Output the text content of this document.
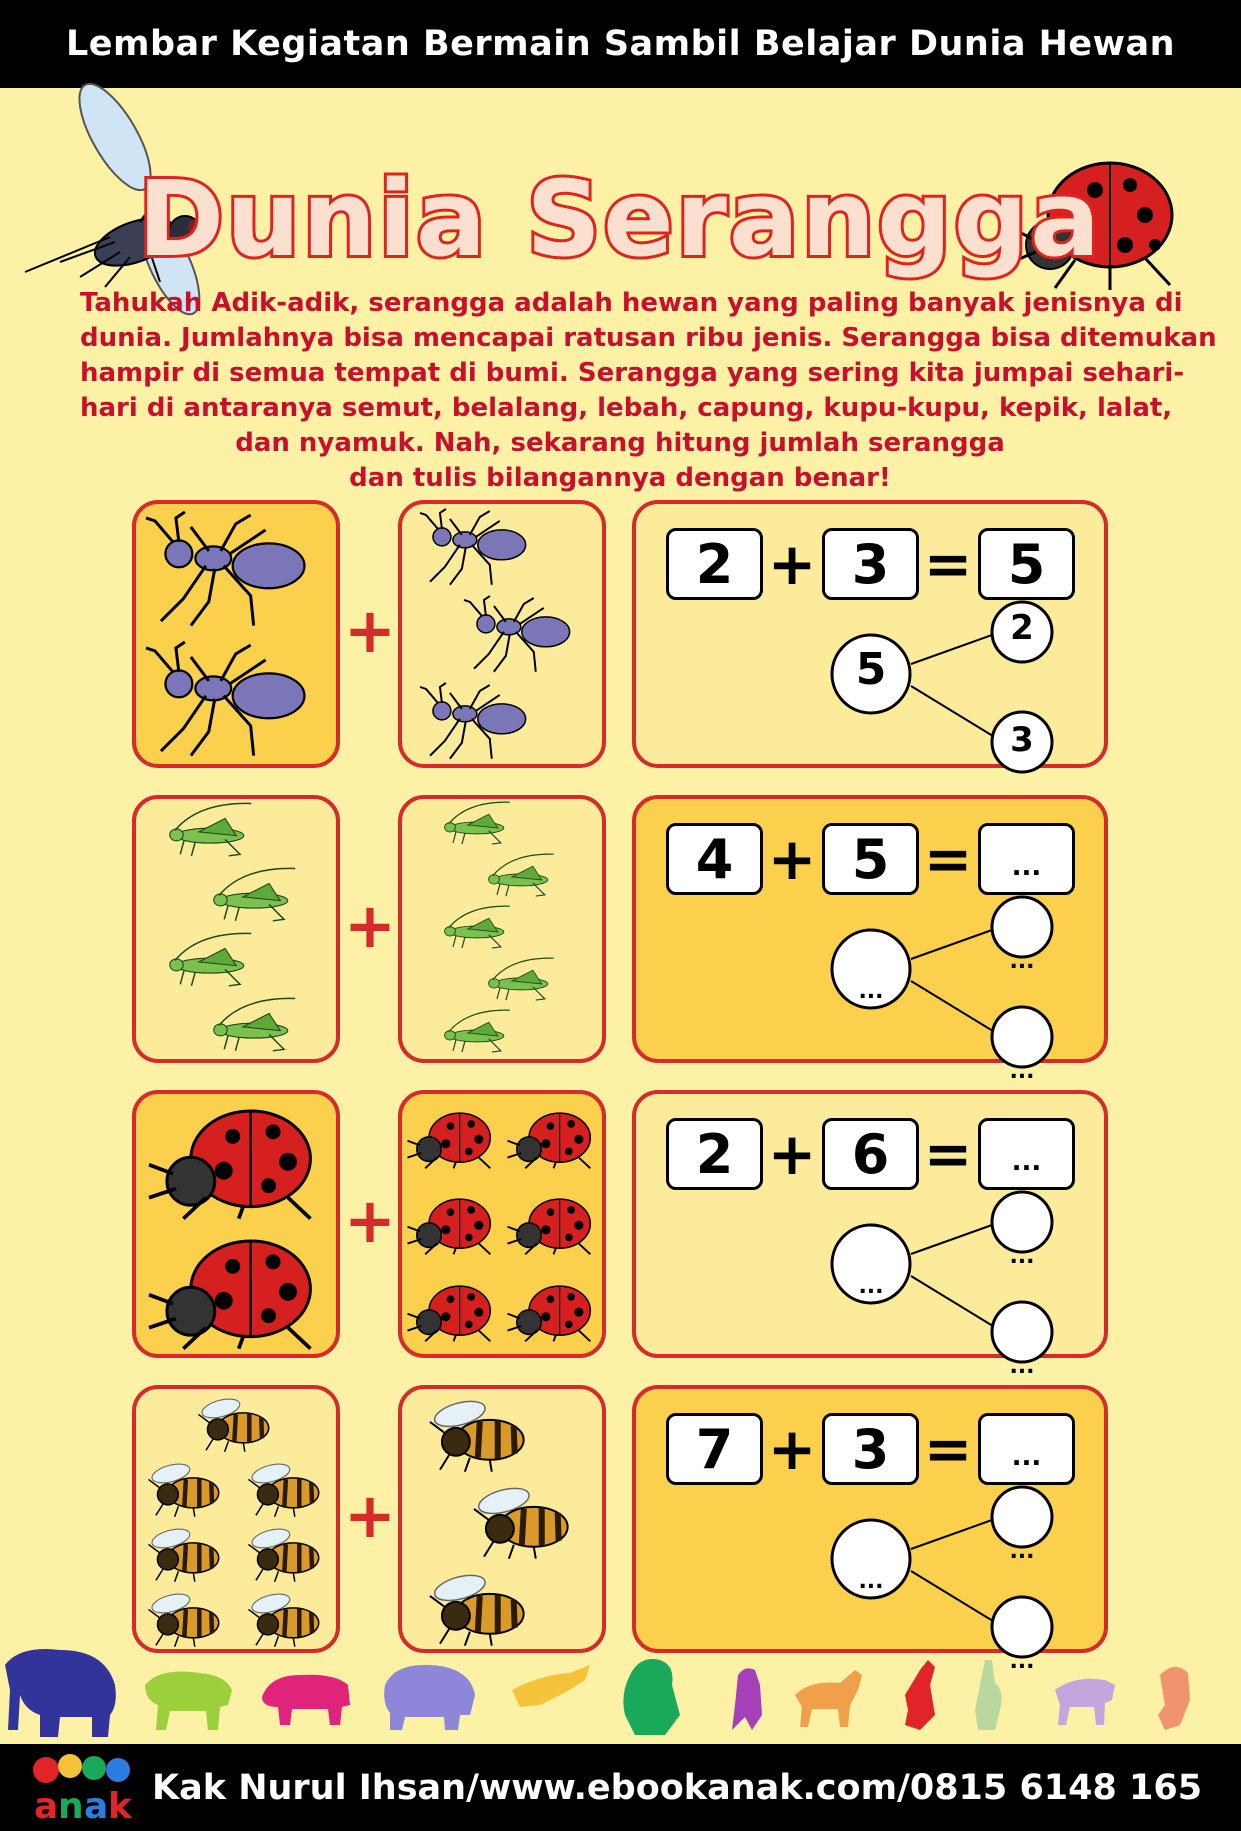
Lembar Kegiatan Bermain Sambil Belajar Dunia Hewan
Dunia Serangga
Tahukah Adik-adik, serangga adalah hewan yang paling banyak jenisnya di
dunia. Jumlahnya bisa mencapai ratusan ribu jenis. Serangga bisa ditemukan
hampir di semua tempat di bumi. Serangga yang sering kita jumpai sehari-
hari di antaranya semut, belalang, lebah, capung, kupu-kupu, kepik, lalat,
dan nyamuk. Nah, sekarang hitung jumlah serangga
dan tulis bilangannya dengan benar!
+
2 + 3 = 5
5
2
3
+
4 + 5 =	...
...
...
...
+
2 + 6 =	...
...
...
...
+
7 + 3 =	...
...
...
...
a n a k Kak Nurul Ihsan/www.ebookanak.com/0815 6148 165
